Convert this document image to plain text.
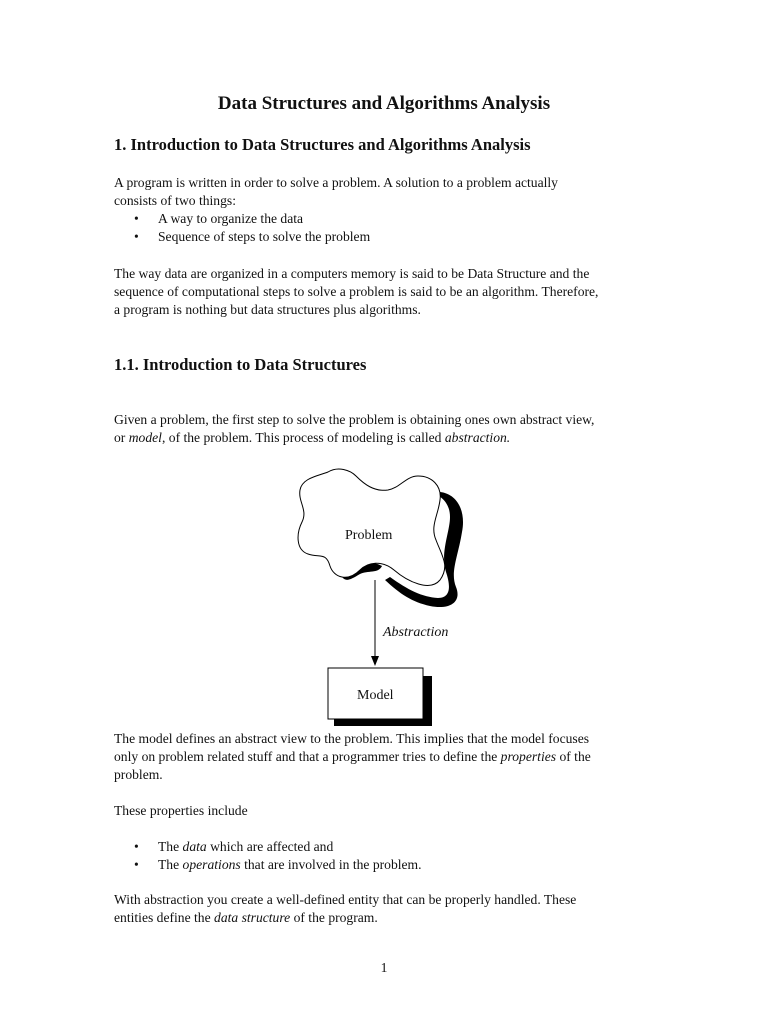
Data Structures and Algorithms Analysis
1. Introduction to Data Structures and Algorithms Analysis

A program is written in order to solve a problem. A solution to a problem actually

consists of two things:

• A way to organize the data
• Sequence of steps to solve the problem

The way data are organized in a computers memory is said to be Data Structure and the

sequence of computational steps to solve a problem is said to be an algorithm. Therefore,

a program is nothing but data structures plus algorithms.

1.1. Introduction to Data Structures

Given a problem, the first step to solve the problem is obtaining ones own abstract view,

or model, of the problem. This process of modeling is called abstraction.

Problem
Abstraction
Model

The model defines an abstract view to the problem. This implies that the model focuses

only on problem related stuff and that a programmer tries to define the properties of the

problem.

These properties include

• The data which are affected and
• The operations that are involved in the problem.

With abstraction you create a well-defined entity that can be properly handled. These

entities define the data structure of the program.

1
